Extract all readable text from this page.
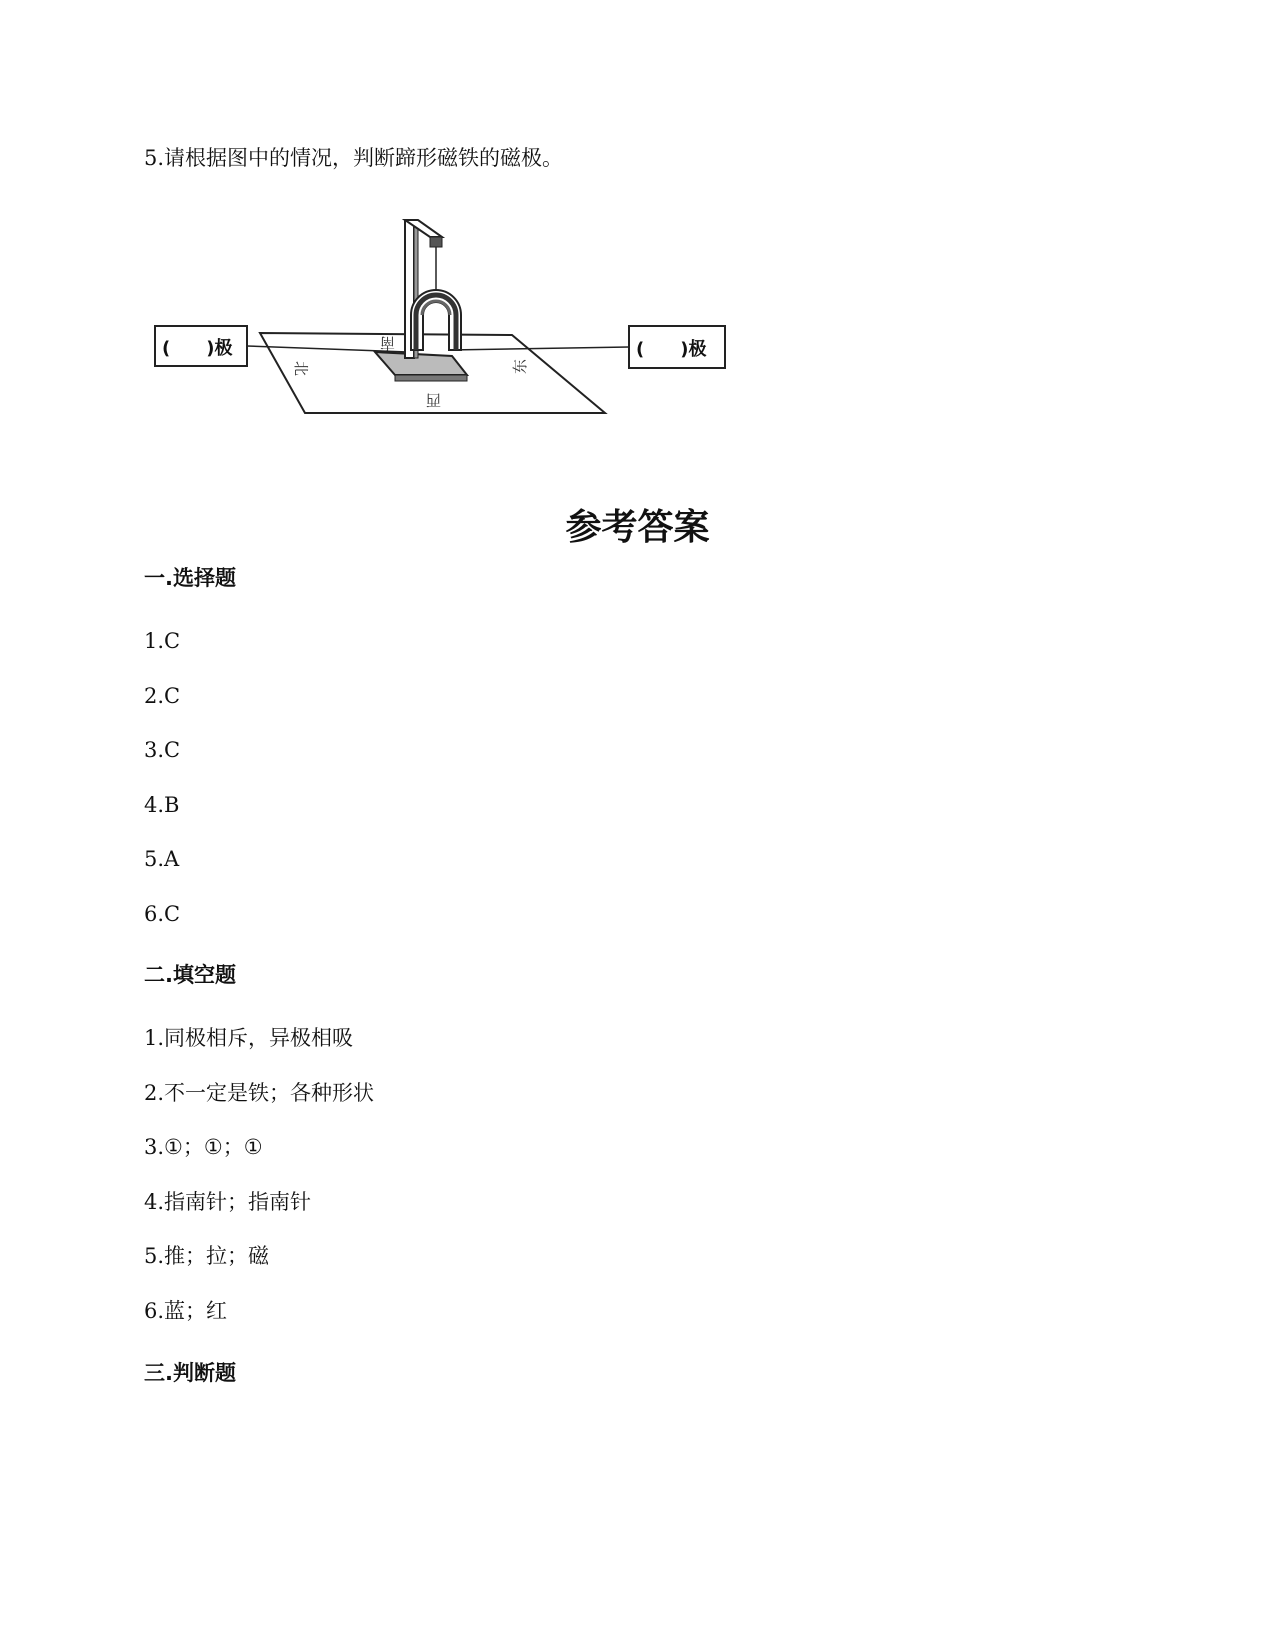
5.请根据图中的情况，判断蹄形磁铁的磁极。
(　　)极	(　　)极
北
南
东
西
参考答案
一.选择题
1.C
2.C
3.C
4.B
5.A
6.C
二.填空题
1.同极相斥，异极相吸
2.不一定是铁；各种形状
3.①；①；①
4.指南针；指南针
5.推；拉；磁
6.蓝；红
三.判断题
